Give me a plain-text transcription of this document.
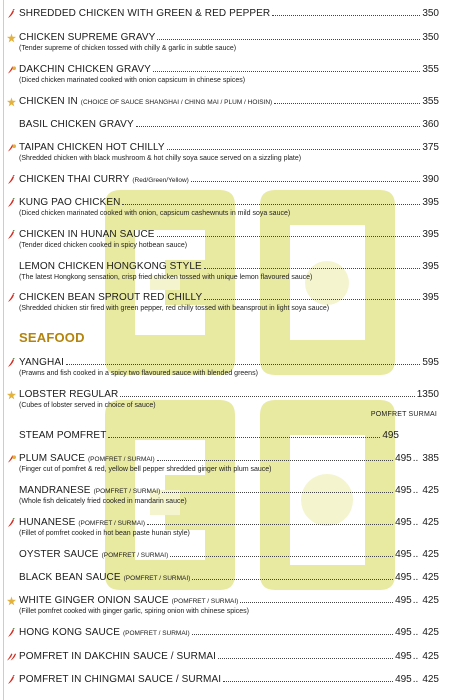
SHREDDED CHICKEN WITH GREEN & RED PEPPER	350
CHICKEN SUPREME GRAVY	350
(Tender supreme of chicken tossed with chilly & garlic in subtle sauce)
DAKCHIN CHICKEN GRAVY	355
(Diced chicken marinated cooked with onion capsicum in chinese spices)
CHICKEN IN (CHOICE OF SAUCE SHANGHAI / CHING MAI / PLUM / HOISIN)	355
BASIL CHICKEN GRAVY	360
TAIPAN CHICKEN HOT CHILLY	375
(Shredded chicken with black mushroom & hot chilly soya sauce served on a sizzling plate)
CHICKEN THAI CURRY (Red/Green/Yellow)	390
KUNG PAO CHICKEN	395
(Diced chicken marinated cooked with onion, capsicum cashewnuts in mild soya sauce)
CHICKEN IN HUNAN SAUCE	395
(Tender diced chicken cooked in spicy hotbean sauce)
LEMON CHICKEN HONGKONG STYLE	395
(The latest Hongkong sensation, crisp fried chicken tossed with unique lemon flavoured sauce)
CHICKEN BEAN SPROUT RED CHILLY	395
(Shredded chicken stir fired with green pepper, red chilly tossed with beansprout in light soya sauce)
SEAFOOD
YANGHAI	595
(Prawns and fish cooked in a spicy two flavoured sauce with blended greens)
LOBSTER REGULAR	1350
(Cubes of lobster served in choice of sauce)
POMFRET SURMAI
STEAM POMFRET	495
PLUM SAUCE (POMFRET / SURMAI)	495 .. 385
(Finger cut of pomfret & red, yellow bell pepper shredded ginger with plum sauce)
MANDRANESE (POMFRET / SURMAI)	495 .. 425
(Whole fish delicately fried cooked in mandarin sauce)
HUNANESE (POMFRET / SURMAI)	495 .. 425
(Fillet of pomfret cooked in hot bean paste hunan style)
OYSTER SAUCE (POMFRET / SURMAI)	495 .. 425
BLACK BEAN SAUCE (POMFRET / SURMAI)	495 .. 425
WHITE GINGER ONION SAUCE (POMFRET / SURMAI)	495 .. 425
(Fillet pomfret cooked with ginger garlic, spiring onion with chinese spices)
HONG KONG SAUCE (POMFRET / SURMAI)	495 .. 425
POMFRET IN DAKCHIN SAUCE / SURMAI	495 .. 425
POMFRET IN CHINGMAI SAUCE / SURMAI	495 .. 425
